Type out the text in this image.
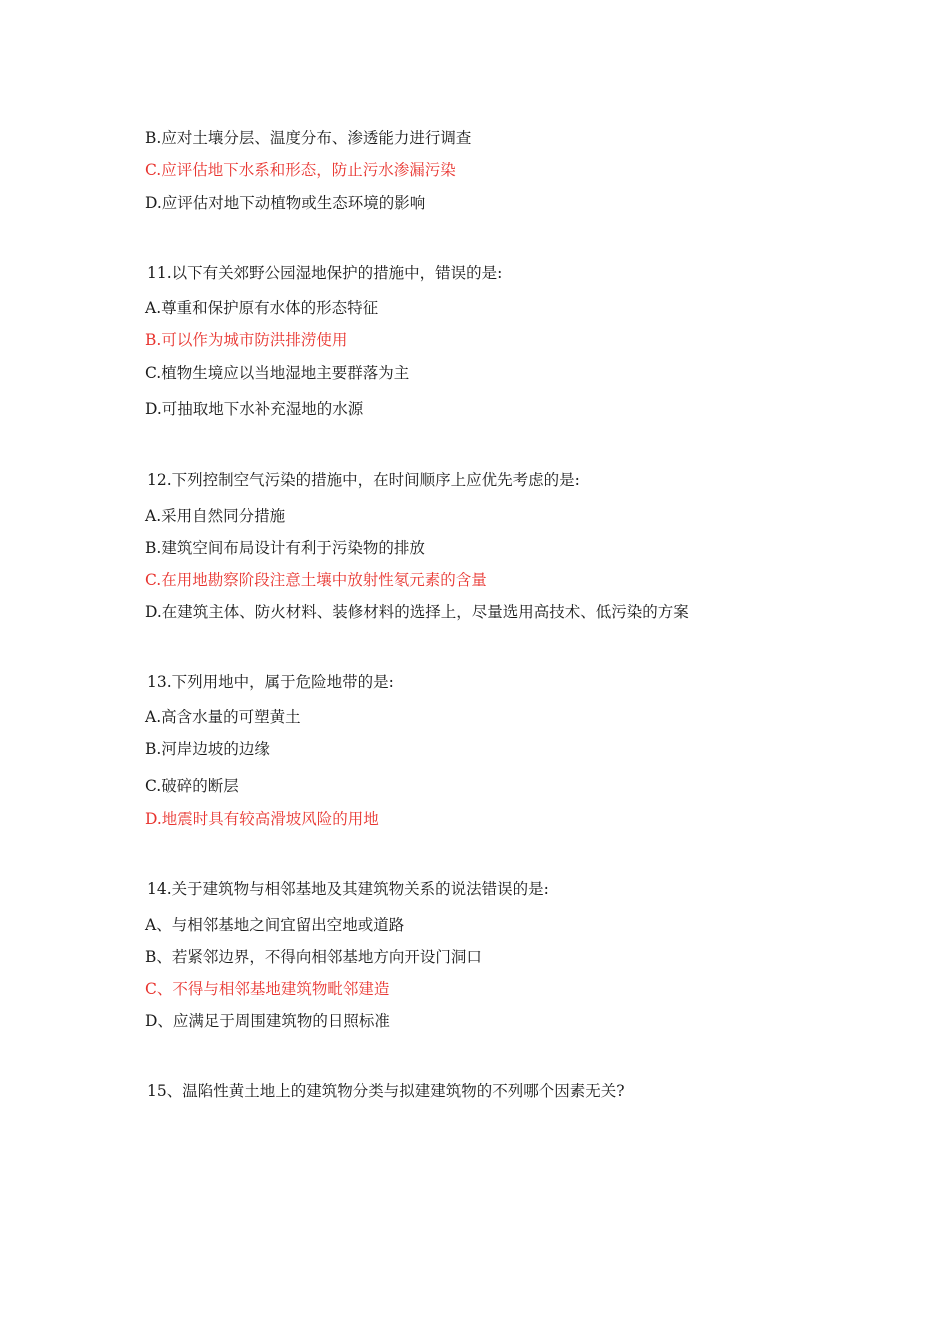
B.应对土壤分层、温度分布、渗透能力进行调查
C.应评估地下水系和形态，防止污水渗漏污染
D.应评估对地下动植物或生态环境的影响
11.以下有关郊野公园湿地保护的措施中，错误的是:
A.尊重和保护原有水体的形态特征
B.可以作为城市防洪排涝使用
C.植物生境应以当地湿地主要群落为主
D.可抽取地下水补充湿地的水源
12.下列控制空气污染的措施中，在时间顺序上应优先考虑的是:
A.采用自然同分措施
B.建筑空间布局设计有利于污染物的排放
C.在用地勘察阶段注意土壤中放射性氡元素的含量
D.在建筑主体、防火材料、装修材料的选择上，尽量选用高技术、低污染的方案
13.下列用地中，属于危险地带的是:
A.高含水量的可塑黄土
B.河岸边坡的边缘
C.破碎的断层
D.地震时具有较高滑坡风险的用地
14.关于建筑物与相邻基地及其建筑物关系的说法错误的是:
A、与相邻基地之间宜留出空地或道路
B、若紧邻边界，不得向相邻基地方向开设门洞口
C、不得与相邻基地建筑物毗邻建造
D、应满足于周围建筑物的日照标准
15、温陷性黄土地上的建筑物分类与拟建建筑物的不列哪个因素无关?
